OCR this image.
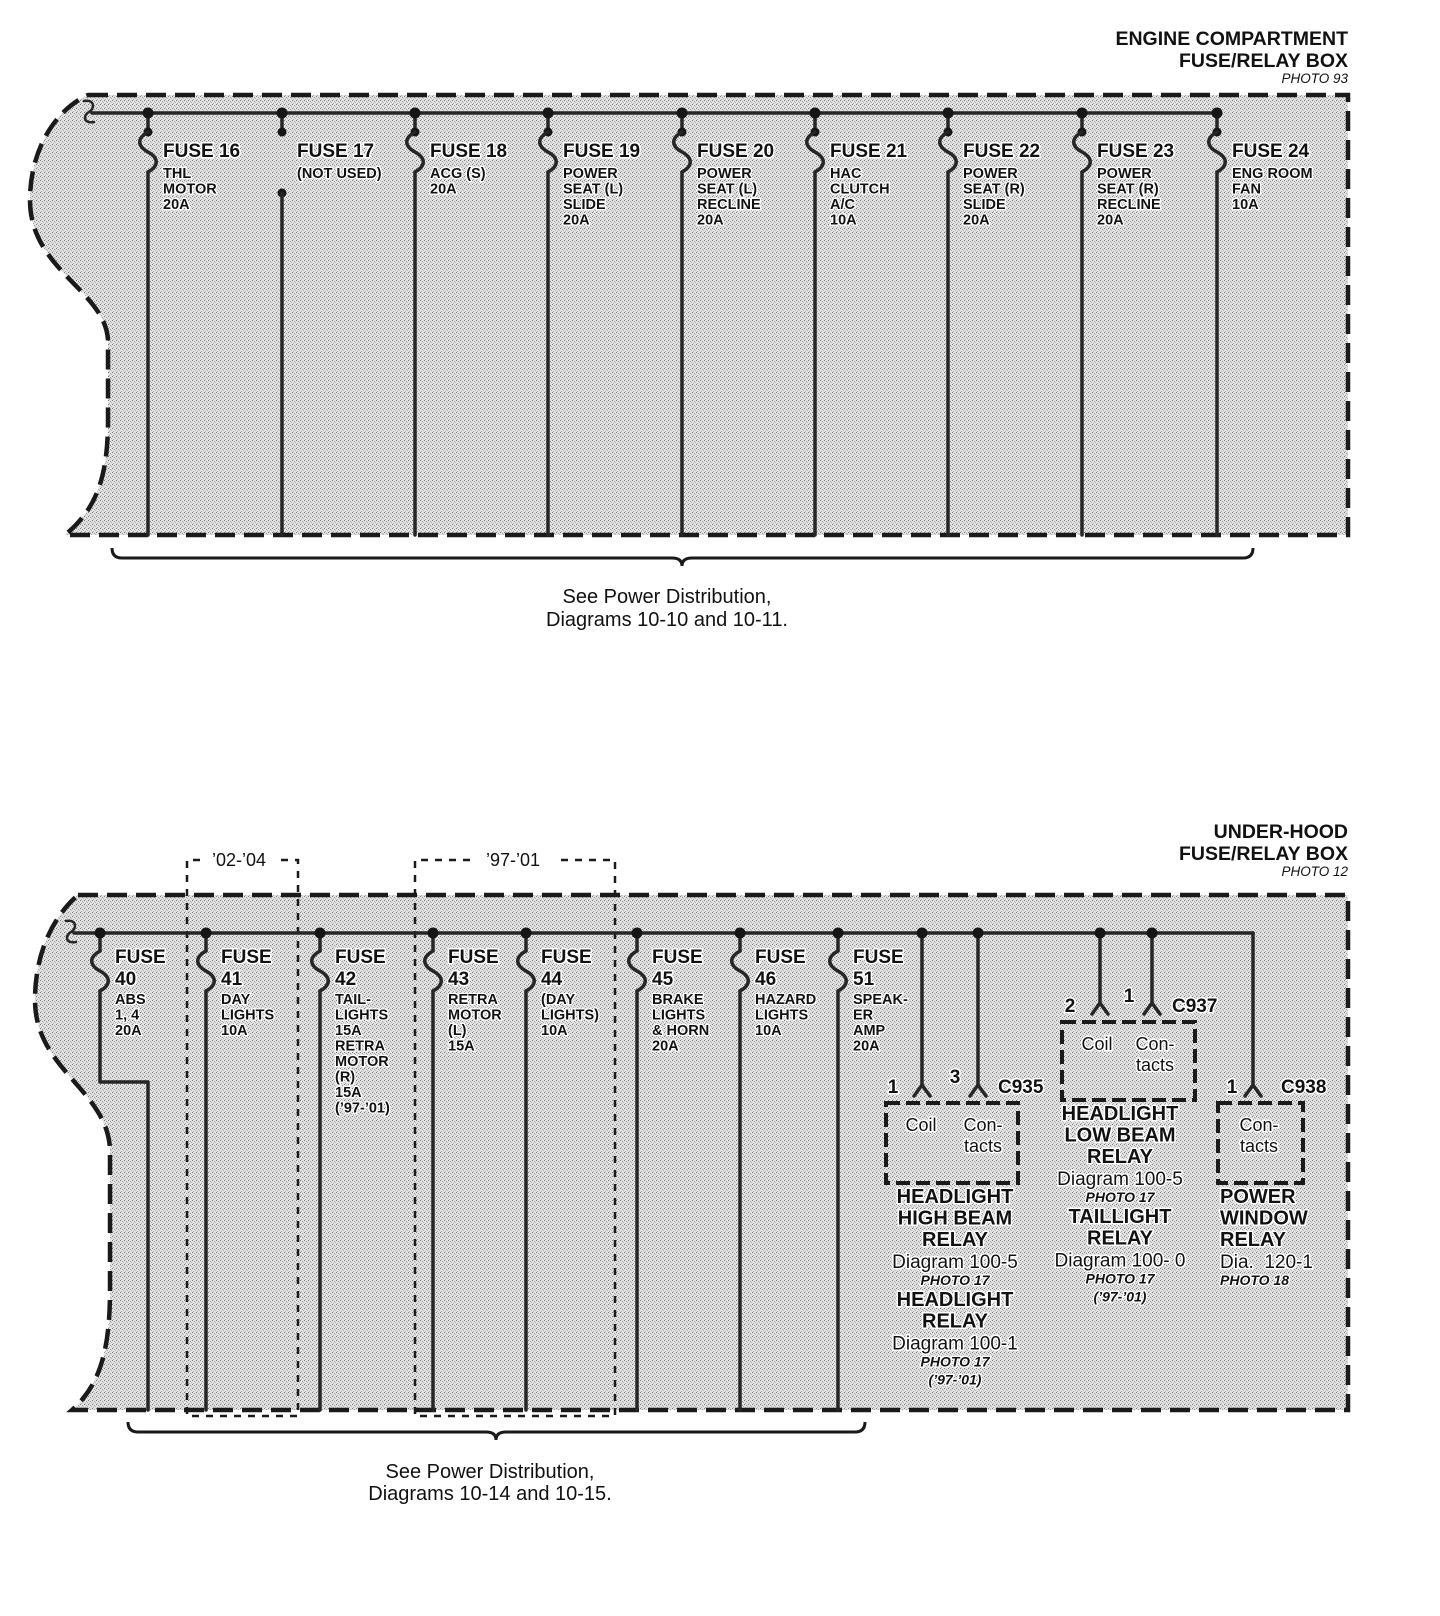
ENGINE COMPARTMENT
FUSE/RELAY BOX
PHOTO 93
FUSE 16
THL
MOTOR
20A
FUSE 17
(NOT USED)
FUSE 18
ACG (S)
20A
FUSE 19
POWER
SEAT (L)
SLIDE
20A
FUSE 20
POWER
SEAT (L)
RECLINE
20A
FUSE 21
HAC
CLUTCH
A/C
10A
FUSE 22
POWER
SEAT (R)
SLIDE
20A
FUSE 23
POWER
SEAT (R)
RECLINE
20A
FUSE 24
ENG ROOM
FAN
10A
See Power Distribution,
Diagrams 10-10 and 10-11.
UNDER-HOOD
FUSE/RELAY BOX
PHOTO 12
’02-’04	’97-’01
FUSE
40
ABS
1, 4
20A
FUSE
41
DAY
LIGHTS
10A
FUSE
42
TAIL-
LIGHTS
15A
RETRA
MOTOR
(R)
15A
(’97-’01)
FUSE
43
RETRA
MOTOR
(L)
15A
FUSE
44
(DAY
LIGHTS)
10A
FUSE
45
BRAKE
LIGHTS
& HORN
20A
FUSE
46
HAZARD
LIGHTS
10A
FUSE
51
SPEAK-
ER
AMP
20A
1	3 C935
Coil Con-
tacts
HEADLIGHT
HIGH BEAM
RELAY
Diagram 100-5
PHOTO 17
HEADLIGHT
RELAY
Diagram 100-1
PHOTO 17
(’97-’01)
2	1 C937
Coil Con-
tacts
HEADLIGHT
LOW BEAM
RELAY
Diagram 100-5
PHOTO 17
TAILLIGHT
RELAY
Diagram 100- 0
PHOTO 17
(’97-’01)
1 C938
Con-
tacts
POWER
WINDOW
RELAY
Dia.  120-1
PHOTO 18
See Power Distribution,
Diagrams 10-14 and 10-15.
